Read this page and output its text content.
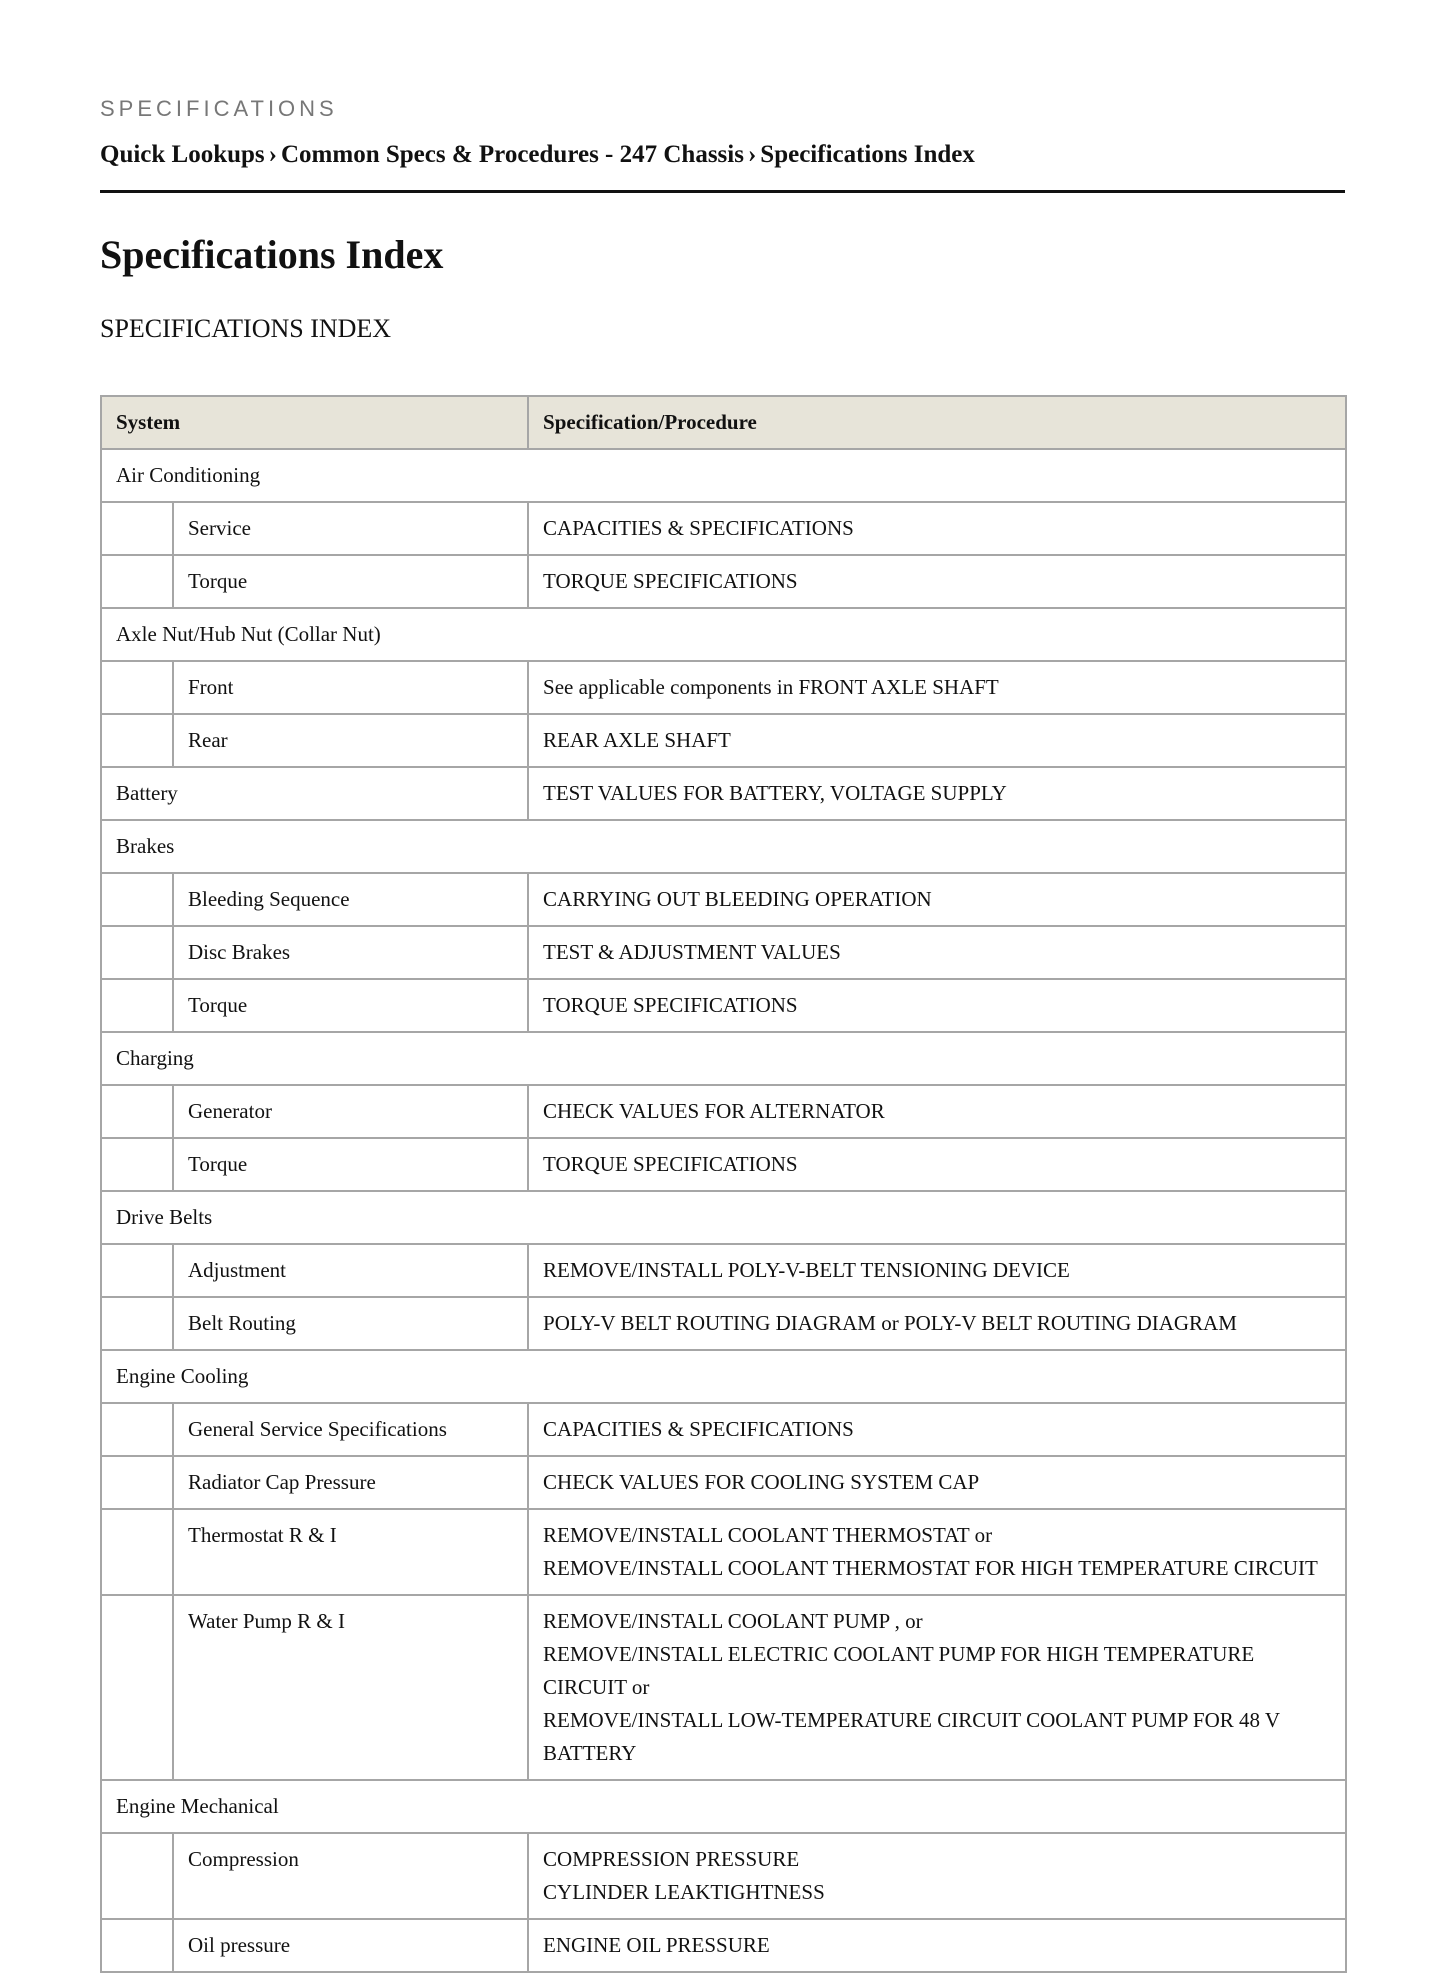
SPECIFICATIONS

Quick Lookups › Common Specs & Procedures - 247 Chassis › Specifications Index
Specifications Index
SPECIFICATIONS INDEX
System		Specification/Procedure
Air Conditioning		
	Service	CAPACITIES & SPECIFICATIONS

	Torque	TORQUE SPECIFICATIONS

Axle Nut/Hub Nut (Collar Nut)		
	Front	See applicable components in FRONT AXLE SHAFT

	Rear	REAR AXLE SHAFT

Battery		TEST VALUES FOR BATTERY, VOLTAGE SUPPLY

Brakes		
	Bleeding Sequence	CARRYING OUT BLEEDING OPERATION

	Disc Brakes	TEST & ADJUSTMENT VALUES

	Torque	TORQUE SPECIFICATIONS

Charging		
	Generator	CHECK VALUES FOR ALTERNATOR

	Torque	TORQUE SPECIFICATIONS

Drive Belts		
	Adjustment	REMOVE/INSTALL POLY-V-BELT TENSIONING DEVICE

	Belt Routing	POLY-V BELT ROUTING DIAGRAM or POLY-V BELT ROUTING DIAGRAM

Engine Cooling		
	General Service Specifications	CAPACITIES & SPECIFICATIONS

	Radiator Cap Pressure	CHECK VALUES FOR COOLING SYSTEM CAP

	Thermostat R & I	REMOVE/INSTALL COOLANT THERMOSTAT or
REMOVE/INSTALL COOLANT THERMOSTAT FOR HIGH TEMPERATURE CIRCUIT

	Water Pump R & I	REMOVE/INSTALL COOLANT PUMP , or
REMOVE/INSTALL ELECTRIC COOLANT PUMP FOR HIGH TEMPERATURE CIRCUIT or
REMOVE/INSTALL LOW-TEMPERATURE CIRCUIT COOLANT PUMP FOR 48 V BATTERY

Engine Mechanical		
	Compression	COMPRESSION PRESSURE
CYLINDER LEAKTIGHTNESS

	Oil pressure	ENGINE OIL PRESSURE
